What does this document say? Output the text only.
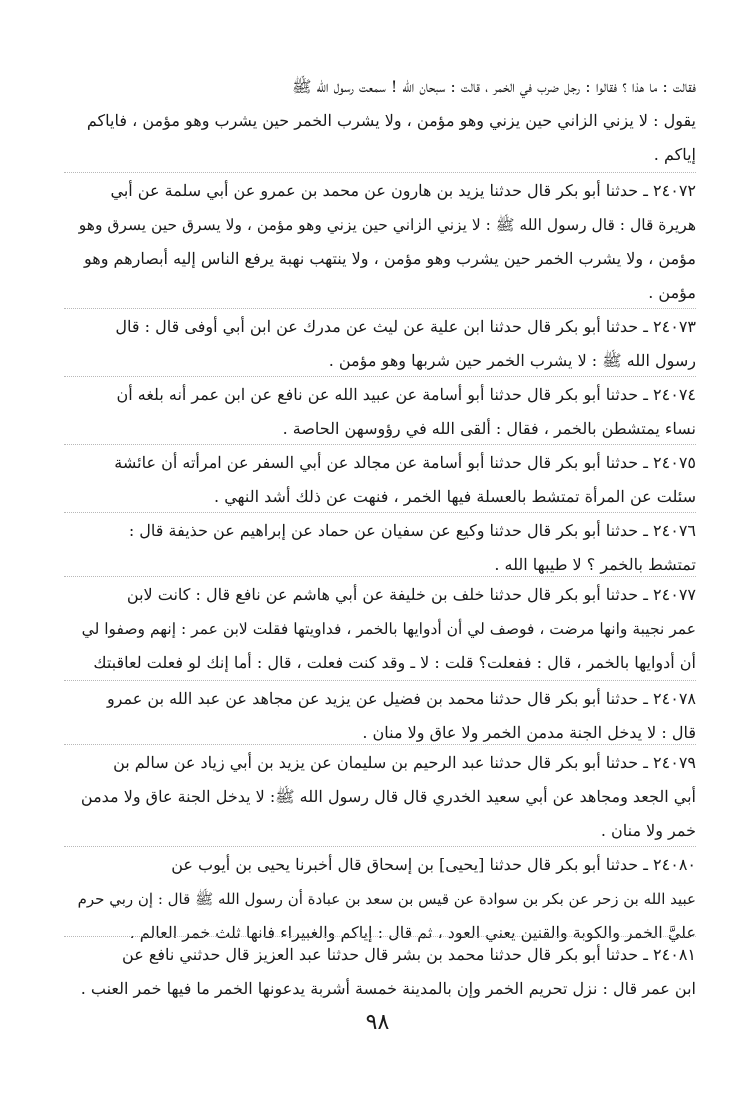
فقالت : ما هذا ؟ فقالوا : رجل ضرب في الخمر ، قالت : سبحان الله ! سمعت رسول الله ﷺ
يقول : لا يزني الزاني حين يزني وهو مؤمن ، ولا يشرب الخمر حين يشرب وهو مؤمن ، فاياكم
إياكم .
٢٤٠٧٢ ـ حدثنا أبو بكر قال حدثنا يزيد بن هارون عن محمد بن عمرو عن أبي سلمة عن أبي
هريرة قال : قال رسول الله ﷺ : لا يزني الزاني حين يزني وهو مؤمن ، ولا يسرق حين يسرق وهو
مؤمن ، ولا يشرب الخمر حين يشرب وهو مؤمن ، ولا ينتهب نهبة يرفع الناس إليه أبصارهم وهو
مؤمن .
٢٤٠٧٣ ـ حدثنا أبو بكر قال حدثنا ابن علية عن ليث عن مدرك عن ابن أبي أوفى قال : قال
رسول الله ﷺ : لا يشرب الخمر حين شربها وهو مؤمن .
٢٤٠٧٤ ـ حدثنا أبو بكر قال حدثنا أبو أسامة عن عبيد الله عن نافع عن ابن عمر أنه بلغه أن
نساء يمتشطن بالخمر ، فقال : ألقى الله في رؤوسهن الحاصة .
٢٤٠٧٥ ـ حدثنا أبو بكر قال حدثنا أبو أسامة عن مجالد عن أبي السفر عن امرأته أن عائشة
سئلت عن المرأة تمتشط بالعسلة فيها الخمر ، فنهت عن ذلك أشد النهي .
٢٤٠٧٦ ـ حدثنا أبو بكر قال حدثنا وكيع عن سفيان عن حماد عن إبراهيم عن حذيفة قال :
تمتشط بالخمر ؟ لا طيبها الله .
٢٤٠٧٧ ـ حدثنا أبو بكر قال حدثنا خلف بن خليفة عن أبي هاشم عن نافع قال : كانت لابن
عمر نجيبة وانها مرضت ، فوصف لي أن أدوايها بالخمر ، فداويتها فقلت لابن عمر : إنهم وصفوا لي
أن أدوايها بالخمر ، قال : ففعلت؟ قلت : لا ـ وقد كنت فعلت ، قال : أما إنك لو فعلت لعاقبتك
٢٤٠٧٨ ـ حدثنا أبو بكر قال حدثنا محمد بن فضيل عن يزيد عن مجاهد عن عبد الله بن عمرو
قال : لا يدخل الجنة مدمن الخمر ولا عاق ولا منان .
٢٤٠٧٩ ـ حدثنا أبو بكر قال حدثنا عبد الرحيم بن سليمان عن يزيد بن أبي زياد عن سالم بن
أبي الجعد ومجاهد عن أبي سعيد الخدري قال قال رسول الله ﷺ: لا يدخل الجنة عاق ولا مدمن
خمر ولا منان .
٢٤٠٨٠ ـ حدثنا أبو بكر قال حدثنا [يحيى] بن إسحاق قال أخبرنا يحيى بن أيوب عن
عبيد الله بن زحر عن بكر بن سوادة عن قيس بن سعد بن عبادة أن رسول الله ﷺ قال : إن ربي حرم
عليَّ الخمر والكوبة والقنين يعني العود ، ثم قال : إياكم والغبيراء فانها ثلث خمر العالم .
٢٤٠٨١ ـ حدثنا أبو بكر قال حدثنا محمد بن بشر قال حدثنا عبد العزيز قال حدثني نافع عن
ابن عمر قال : نزل تحريم الخمر وإن بالمدينة خمسة أشربة يدعونها الخمر ما فيها خمر العنب .
٩٨
